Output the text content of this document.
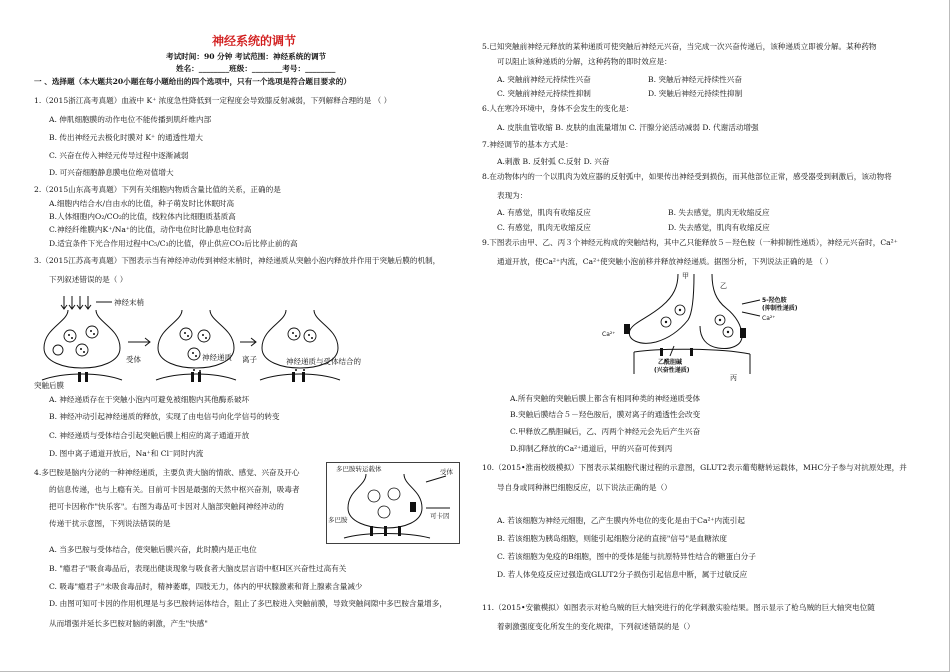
神经系统的调节
考试时间：90 分钟 考试范围：神经系统的调节
姓名：________班级：________考号：________
一 、选择题（本大题共20小题在每小题给出的四个选项中，只有一个选项是符合题目要求的）
1.（2015浙江高考真题）血液中 K⁺ 浓度急性降低到一定程度会导致膝反射减弱，下列解释合理的是 （ ）
A. 伸肌细胞膜的动作电位不能传播到肌纤维内部
B. 传出神经元去极化时膜对 K⁺ 的通透性增大
C. 兴奋在传入神经元传导过程中逐渐减弱
D. 可兴奋细胞静息膜电位绝对值增大
2.（2015山东高考真题）下列有关细胞内物质含量比值的关系，正确的是
A.细胞内结合水/自由水的比值，种子萌发时比休眠时高
B.人体细胞内O₂/CO₂的比值，线粒体内比细胞质基质高
C.神经纤维膜内K⁺/Na⁺的比值，动作电位时比静息电位时高
D.适宜条件下光合作用过程中C₅/C₃的比值，停止供应CO₂后比停止前的高
3.（2015江苏高考真题）下图表示当有神经冲动传到神经末梢时，神经递质从突触小泡内释放并作用于突触后膜的机制，
下列叙述错误的是（ ）
神经末梢
突触后膜
受体	神经递质 离子	神经递质与受体结合的
A. 神经递质存在于突触小泡内可避免被细胞内其他酶系破坏
B. 神经冲动引起神经递质的释放，实现了由电信号向化学信号的转变
C. 神经递质与受体结合引起突触后膜上相应的离子通道开放
D. 图中离子通道开放后，Na⁺和 Cl⁻同时内流
4.多巴胺是脑内分泌的一种神经递质，主要负责大脑的情欲、感觉、兴奋及开心
的信息传递，也与上瘾有关。目前可卡因是最强的天然中枢兴奋剂，吸毒者
把可卡因称作"快乐客"。右图为毒品可卡因对人脑部突触间神经冲动的
传递干扰示意图，下列说法错误的是
多巴胺转运载体	受体
多巴胺	可卡因
A. 当多巴胺与受体结合，使突触后膜兴奋，此时膜内是正电位
B. "瘾君子"吸食毒品后，表现出健谈现象与吸食者大脑皮层言语中枢H区兴奋性过高有关
C. 吸毒"瘾君子"未吸食毒品时，精神萎靡，四肢无力，体内的甲状腺激素和肾上腺素含量减少
D. 由图可知可卡因的作用机理是与多巴胺转运体结合，阻止了多巴胺进入突触前膜，导致突触间隙中多巴胺含量增多，
从而增强并延长多巴胺对脑的刺激，产生"快感"
5.已知突触前神经元释放的某种递质可使突触后神经元兴奋，当完成一次兴奋传递后，该种递质立即被分解。某种药物
可以阻止该种递质的分解，这种药物的即时效应是：
A. 突触前神经元持续性兴奋	B. 突触后神经元持续性兴奋
C. 突触前神经元持续性抑制	D. 突触后神经元持续性抑制
6.人在寒冷环境中，身体不会发生的变化是：
A. 皮肤血管收缩 B. 皮肤的血流量增加 C. 汗腺分泌活动减弱 D. 代谢活动增强
7.神经调节的基本方式是：
A.刺激 B. 反射弧 C.反射 D. 兴奋
8.在动物体内的一个以肌肉为效应器的反射弧中，如果传出神经受到损伤，而其他部位正常，感受器受到刺激后，该动物将
表现为：
A. 有感觉，肌肉有收缩反应	B. 失去感觉，肌肉无收缩反应
C. 有感觉，肌肉无收缩反应	D. 失去感觉，肌肉有收缩反应
9.下图表示由甲、乙、丙３个神经元构成的突触结构，其中乙只能释放５－羟色胺（一种抑制性递质），神经元兴奋时，Ca²⁺
通道开放，使Ca²⁺内流，Ca²⁺使突触小泡前移并释放神经递质。据图分析，下列说法正确的是 （ ）
甲
乙
5-羟色胺
(抑制性递质)
Ca²⁺
Ca²⁺
乙酰胆碱
(兴奋性递质)
丙
A.所有突触的突触后膜上都含有相同种类的神经递质受体
B.突触后膜结合５－羟色胺后，膜对离子的通透性会改变
C.甲释放乙酰胆碱后，乙、丙两个神经元会先后产生兴奋
D.抑制乙释放的Ca²⁺通道后，甲的兴奋可传到丙
10.（2015•淮南校级模拟）下图表示某细胞代谢过程的示意图，GLUT2表示葡萄糖转运载体，MHC分子参与对抗原处理，并
导自身或同种淋巴细胞反应，以下说法正确的是（）
A. 若该细胞为神经元细胞，乙产生膜内外电位的变化是由于Ca²⁺内流引起
B. 若该细胞为胰岛细胞，则能引起细胞分泌的直接"信号"是血糖浓度
C. 若该细胞为免疫的B细胞，图中的受体是能与抗原特异性结合的糖蛋白分子
D. 若人体免疫反应过强造成GLUT2分子损伤引起信息中断，属于过敏反应
11.（2015•安徽模拟）如图表示对枪乌贼的巨大轴突进行的化学刺激实验结果。图示显示了枪乌贼的巨大轴突电位随
着刺激强度变化所发生的变化规律，下列叙述错误的是（）
